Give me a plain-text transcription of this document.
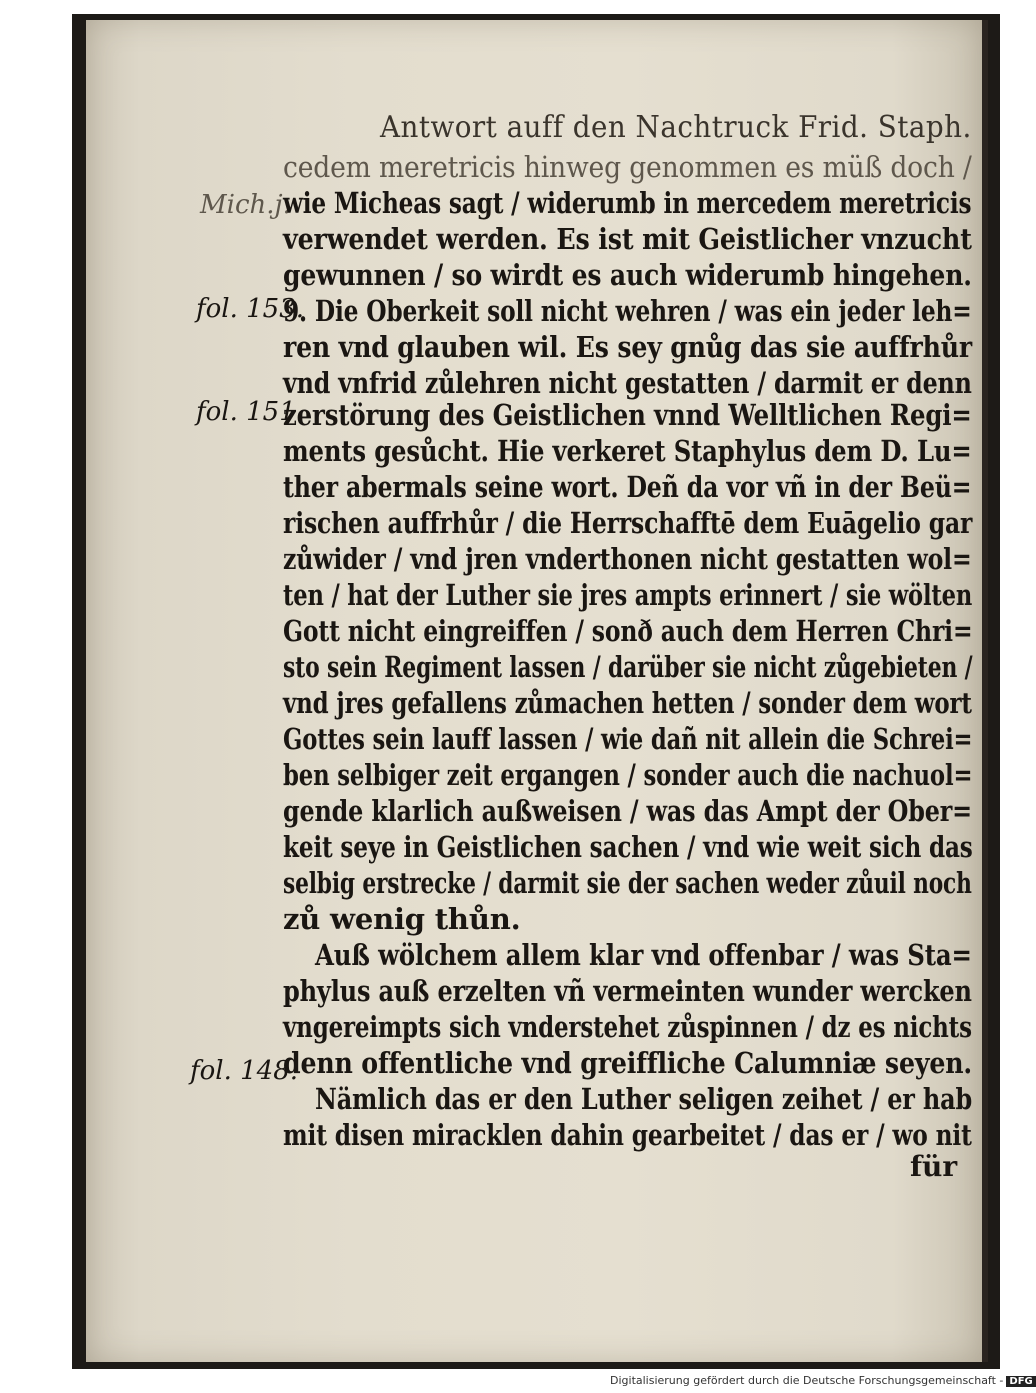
Antwort auff den Nachtruck Frid. Staph.
Mich.j.
fol. 153.
fol. 151.
fol. 148.
cedem meretricis hinweg genommen es müß doch /
wie Micheas sagt / widerumb in mercedem meretricis
verwendet werden. Es ist mit Geistlicher vnzucht
gewunnen / so wirdt es auch widerumb hingehen.
9. Die Oberkeit soll nicht wehren / was ein jeder leh=
ren vnd glauben wil. Es sey gnůg das sie auffrhůr
vnd vnfrid zůlehren nicht gestatten / darmit er denn
zerstörung des Geistlichen vnnd Welltlichen Regi=
ments gesůcht. Hie verkeret Staphylus dem D. Lu=
ther abermals seine wort. Deñ da vor vñ in der Beü=
rischen auffrhůr / die Herrschafftē dem Euāgelio gar
zůwider / vnd jren vnderthonen nicht gestatten wol=
ten / hat der Luther sie jres ampts erinnert / sie wölten
Gott nicht eingreiffen / sonð auch dem Herren Chri=
sto sein Regiment lassen / darüber sie nicht zůgebieten /
vnd jres gefallens zůmachen hetten / sonder dem wort
Gottes sein lauff lassen / wie dañ nit allein die Schrei=
ben selbiger zeit ergangen / sonder auch die nachuol=
gende klarlich außweisen / was das Ampt der Ober=
keit seye in Geistlichen sachen / vnd wie weit sich das
selbig erstrecke / darmit sie der sachen weder zůuil noch
zů wenig thůn.
Auß wölchem allem klar vnd offenbar / was Sta=
phylus auß erzelten vñ vermeinten wunder wercken
vngereimpts sich vnderstehet zůspinnen / dz es nichts
denn offentliche vnd greiffliche Calumniæ seyen.
Nämlich das er den Luther seligen zeihet / er hab
mit disen miracklen dahin gearbeitet / das er / wo nit
für
Digitalisierung gefördert durch die Deutsche Forschungsgemeinschaft - DFG
